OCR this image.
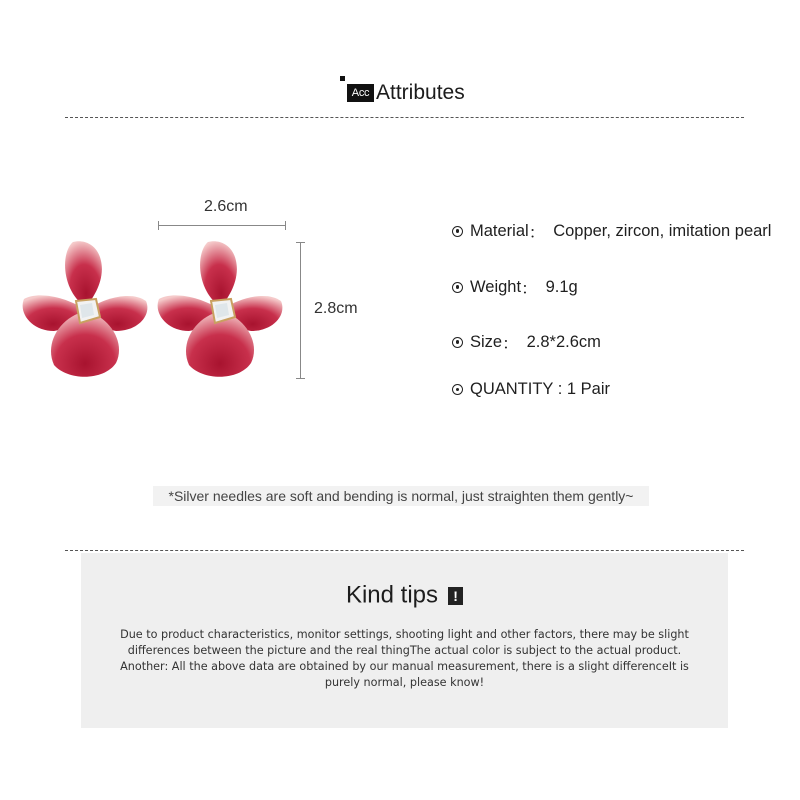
Acc Attributes
2.6cm
2.8cm
Material ： Copper, zircon, imitation pearl
Weight ： 9.1g
Size ： 2.8*2.6cm
QUANTITY : 1 Pair
*Silver needles are soft and bending is normal, just straighten them gently~
Kind tips !
Due to product characteristics, monitor settings, shooting light and other factors, there may be slight differences between the picture and the real thingThe actual color is subject to the actual product. Another: All the above data are obtained by our manual measurement, there is a slight differenceIt is purely normal, please know!
